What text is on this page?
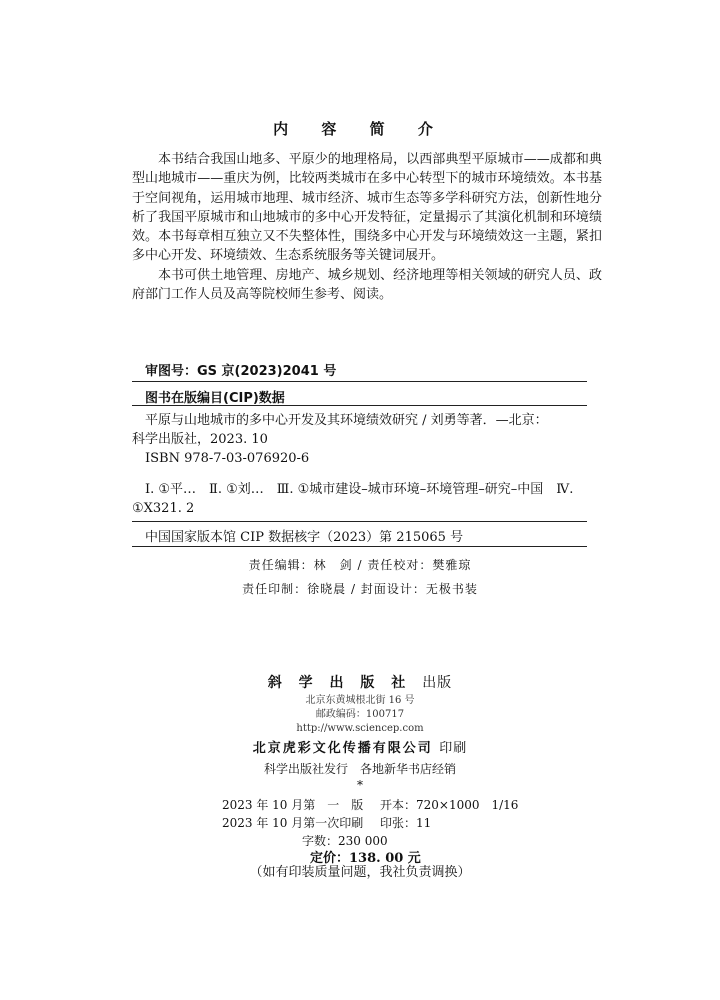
内 容 简 介

本书结合我国山地多、平原少的地理格局，以西部典型平原城市——成都和典型山地城市——重庆为例，比较两类城市在多中心转型下的城市环境绩效。本书基于空间视角，运用城市地理、城市经济、城市生态等多学科研究方法，创新性地分析了我国平原城市和山地城市的多中心开发特征，定量揭示了其演化机制和环境绩效。本书每章相互独立又不失整体性，围绕多中心开发与环境绩效这一主题，紧扣多中心开发、环境绩效、生态系统服务等关键词展开。

本书可供土地管理、房地产、城乡规划、经济地理等相关领域的研究人员、政府部门工作人员及高等院校师生参考、阅读。

审图号：GS 京(2023)2041 号
图书在版编目(CIP)数据
平原与山地城市的多中心开发及其环境绩效研究 / 刘勇等著．—北京：
科学出版社，2023. 10
ISBN 978-7-03-076920-6
Ⅰ. ①平…　Ⅱ. ①刘…　Ⅲ. ①城市建设–城市环境–环境管理–研究–中国　Ⅳ. ①X321. 2
中国国家版本馆 CIP 数据核字（2023）第 215065 号
责任编辑：林　剑 / 责任校对：樊雅琼
责任印制：徐晓晨 / 封面设计：无极书装
斜 学 出 版 社 出版
北京东黄城根北街 16 号
邮政编码：100717
http://www.sciencep.com
北京虎彩文化传播有限公司 印刷
科学出版社发行　各地新华书店经销
*
2023 年 10 月第　一　版 开本：720×1000　1/16
2023 年 10 月第一次印刷 印张：11
字数：230 000
定价：138. 00 元
（如有印装质量问题，我社负责调换）
